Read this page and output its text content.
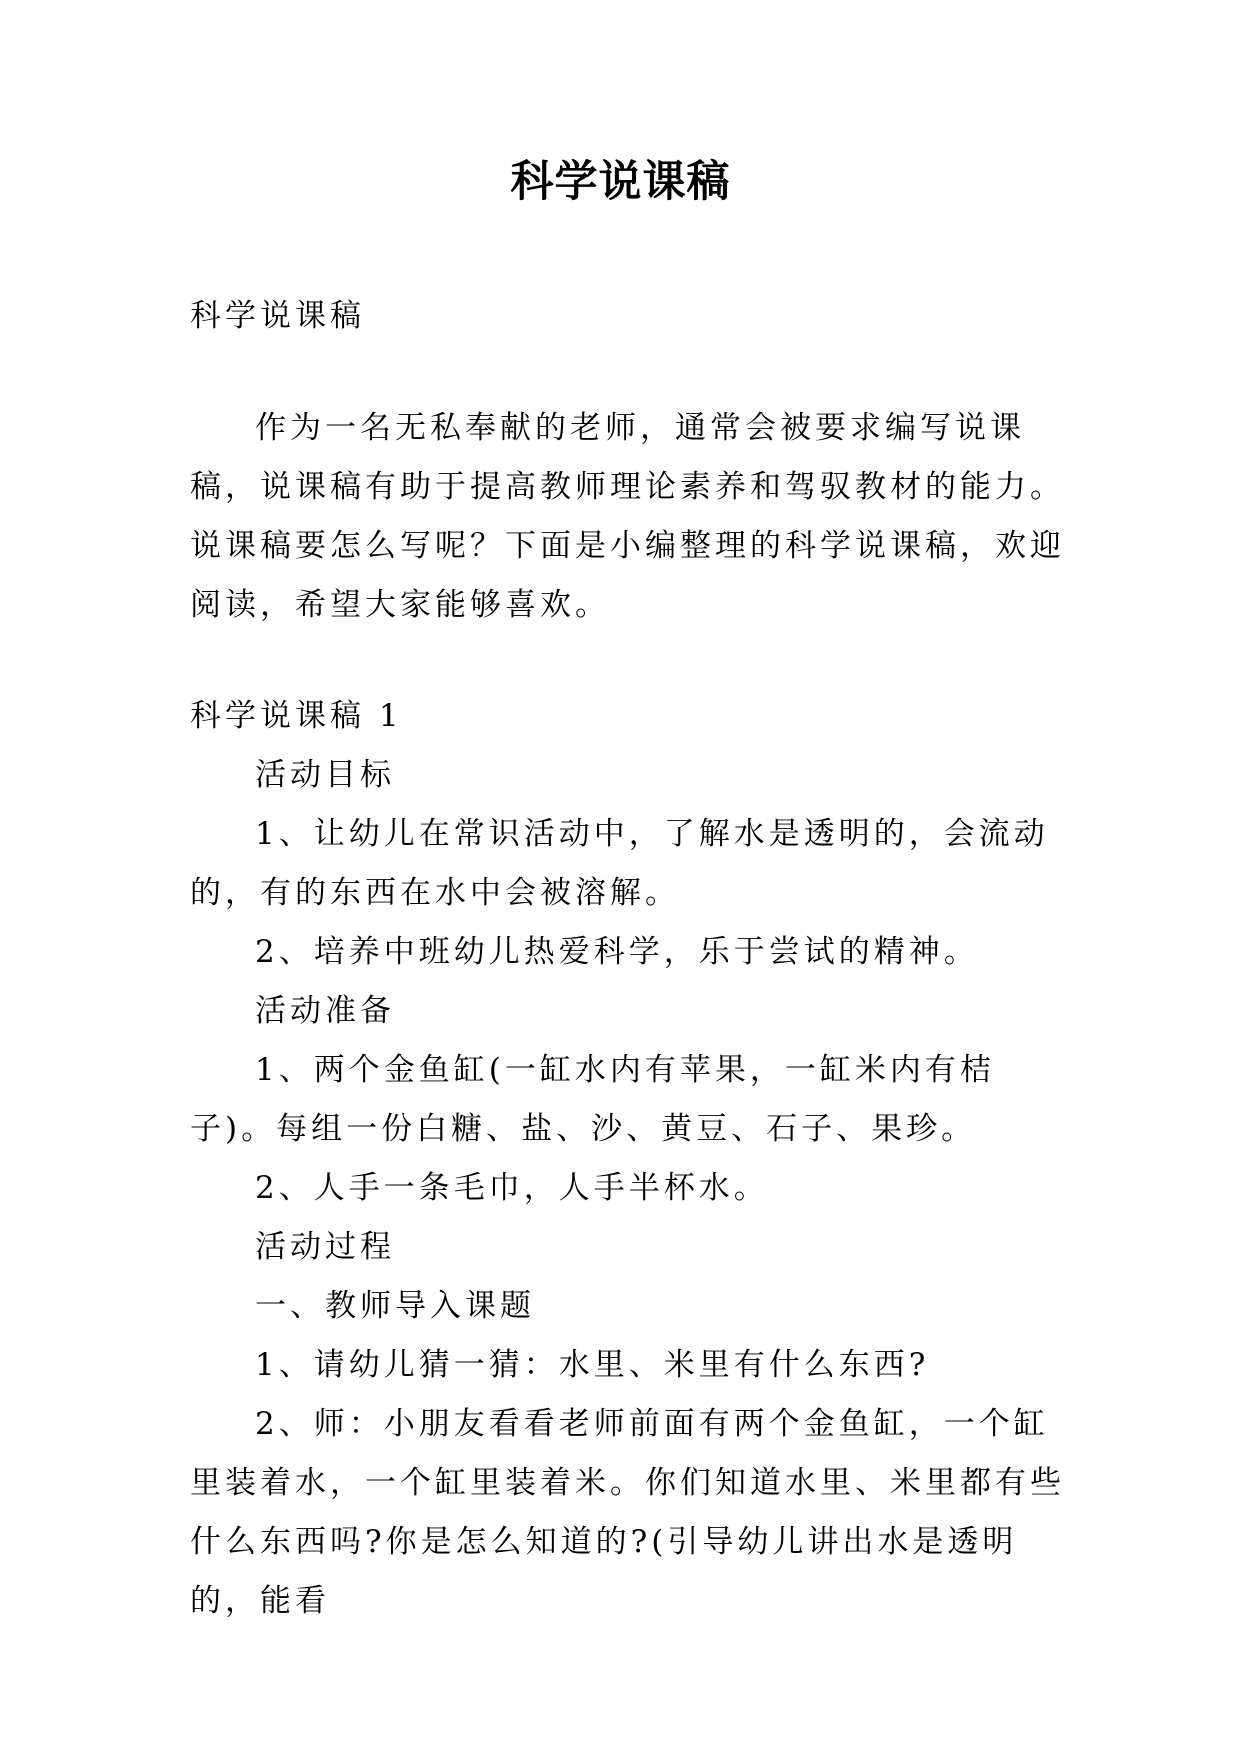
科学说课稿

科学说课稿

作为一名无私奉献的老师，通常会被要求编写说课稿，说课稿有助于提高教师理论素养和驾驭教材的能力。说课稿要怎么写呢？下面是小编整理的科学说课稿，欢迎阅读，希望大家能够喜欢。

科学说课稿 1

活动目标

1、让幼儿在常识活动中，了解水是透明的，会流动的，有的东西在水中会被溶解。

2、培养中班幼儿热爱科学，乐于尝试的精神。

活动准备

1、两个金鱼缸(一缸水内有苹果，一缸米内有桔子)。每组一份白糖、盐、沙、黄豆、石子、果珍。

2、人手一条毛巾，人手半杯水。

活动过程

一、教师导入课题

1、请幼儿猜一猜：水里、米里有什么东西?

2、师：小朋友看看老师前面有两个金鱼缸，一个缸里装着水，一个缸里装着米。你们知道水里、米里都有些什么东西吗?你是怎么知道的?(引导幼儿讲出水是透明的，能看
